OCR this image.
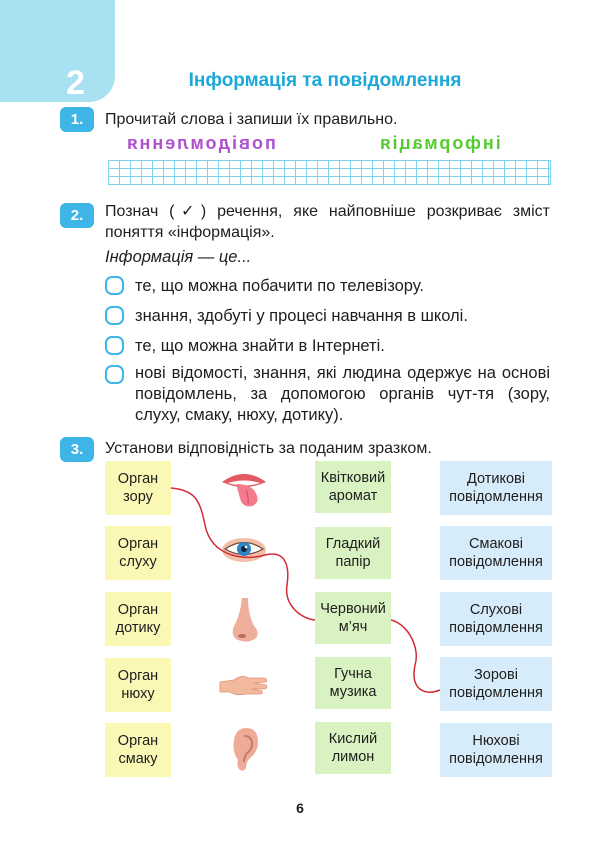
2	Інформація та повідомлення
1.	Прочитай слова і запиши їх правильно.
повідомлення	інформація
2.	Познач (✓) речення, яке найповніше розкриває зміст поняття «інформація».
Інформація — це...
те, що можна побачити по телевізору.
знання, здобуті у процесі навчання в школі.
те, що можна знайти в Інтернеті.
нові відомості, знання, які людина одержує на основі повідомлень, за допомогою органів чут-тя (зору, слуху, смаку, нюху, дотику).
3.	Установи відповідність за поданим зразком.
Орган зору
Орган слуху
Орган дотику
Орган нюху
Орган смаку
Квітковий аромат
Гладкий папір
Червоний м’яч
Гучна музика
Кислий лимон
Дотикові повідомлення
Смакові повідомлення
Слухові повідомлення
Зорові повідомлення
Нюхові повідомлення
6
